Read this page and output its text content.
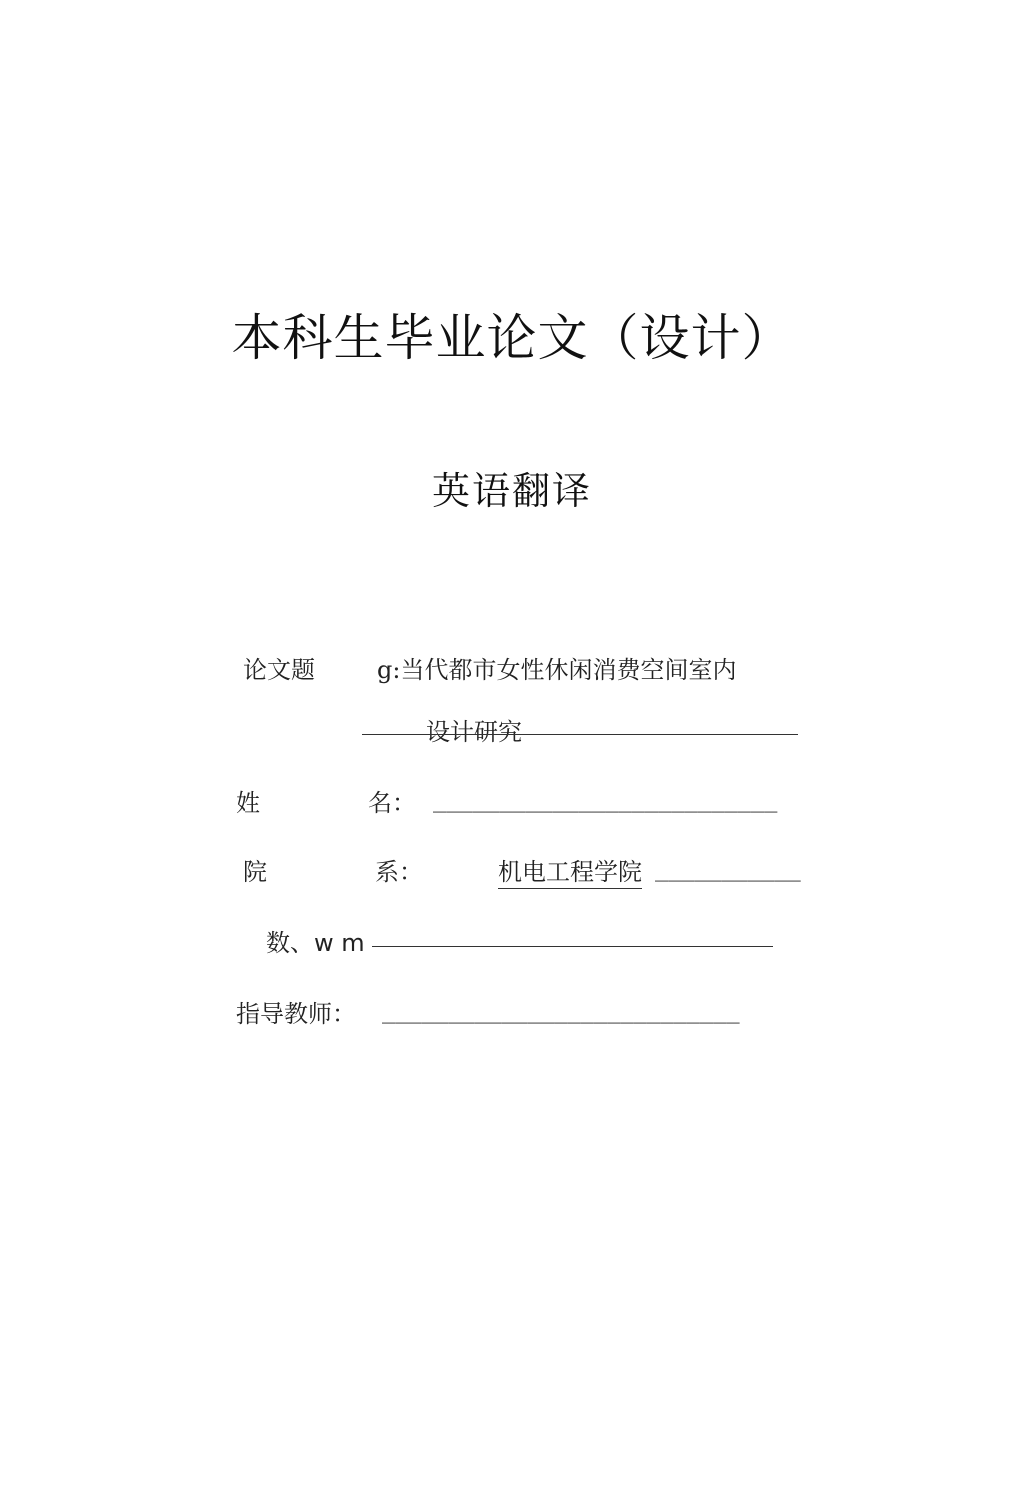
本科生毕业论文（设计）
英语翻译
论文题	g:当代都市女性休闲消费空间室内
设计研究
姓	名： __________________________
院	系：	机电工程学院 ___________
数、w m
指导教师： ___________________________
